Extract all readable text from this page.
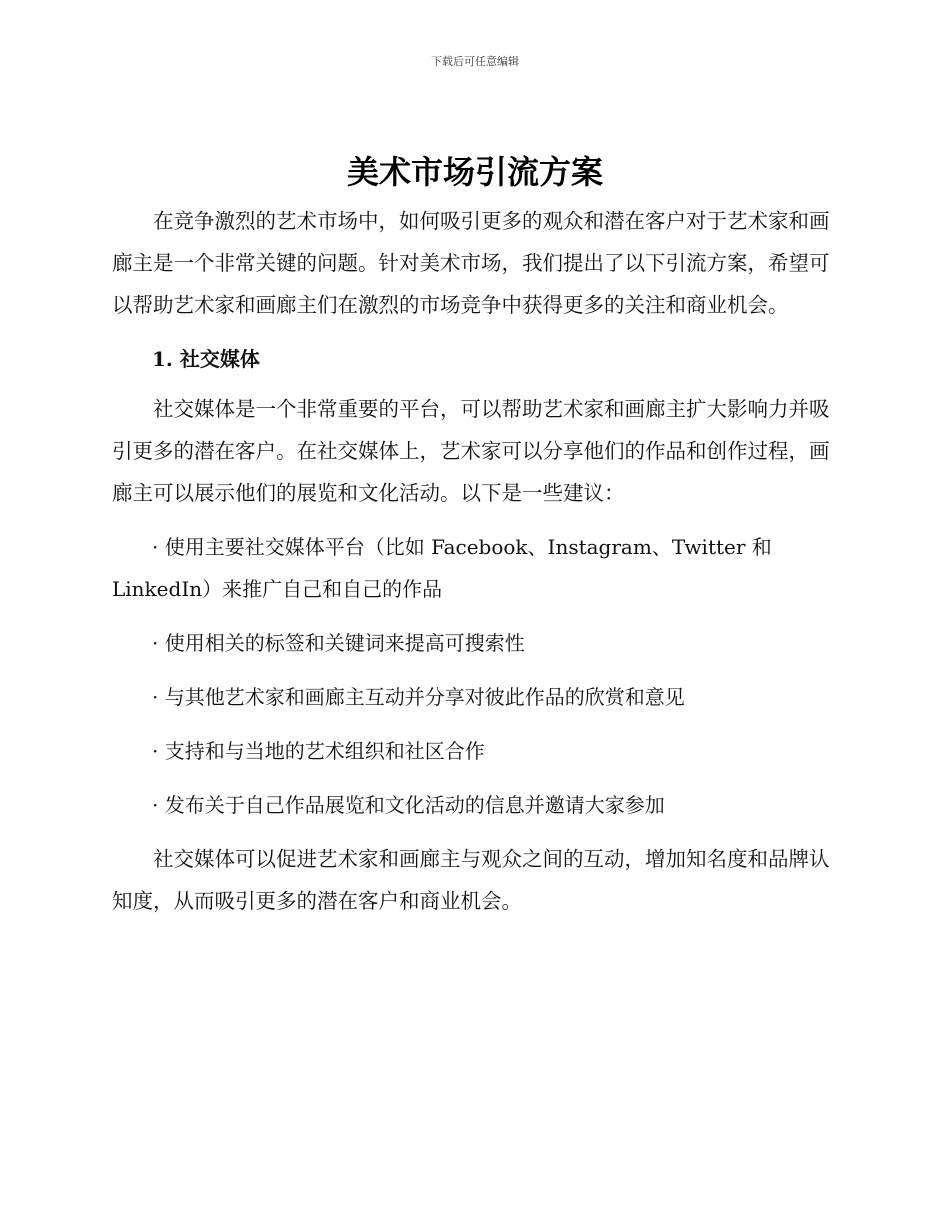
下载后可任意编辑
美术市场引流方案

在竞争激烈的艺术市场中，如何吸引更多的观众和潜在客户对于艺术家和画廊主是一个非常关键的问题。针对美术市场，我们提出了以下引流方案，希望可以帮助艺术家和画廊主们在激烈的市场竞争中获得更多的关注和商业机会。

1. 社交媒体

社交媒体是一个非常重要的平台，可以帮助艺术家和画廊主扩大影响力并吸引更多的潜在客户。在社交媒体上，艺术家可以分享他们的作品和创作过程，画廊主可以展示他们的展览和文化活动。以下是一些建议：

· 使用主要社交媒体平台（比如 Facebook、Instagram、Twitter 和 LinkedIn）来推广自己和自己的作品

· 使用相关的标签和关键词来提高可搜索性

· 与其他艺术家和画廊主互动并分享对彼此作品的欣赏和意见

· 支持和与当地的艺术组织和社区合作

· 发布关于自己作品展览和文化活动的信息并邀请大家参加

社交媒体可以促进艺术家和画廊主与观众之间的互动，增加知名度和品牌认知度，从而吸引更多的潜在客户和商业机会。
